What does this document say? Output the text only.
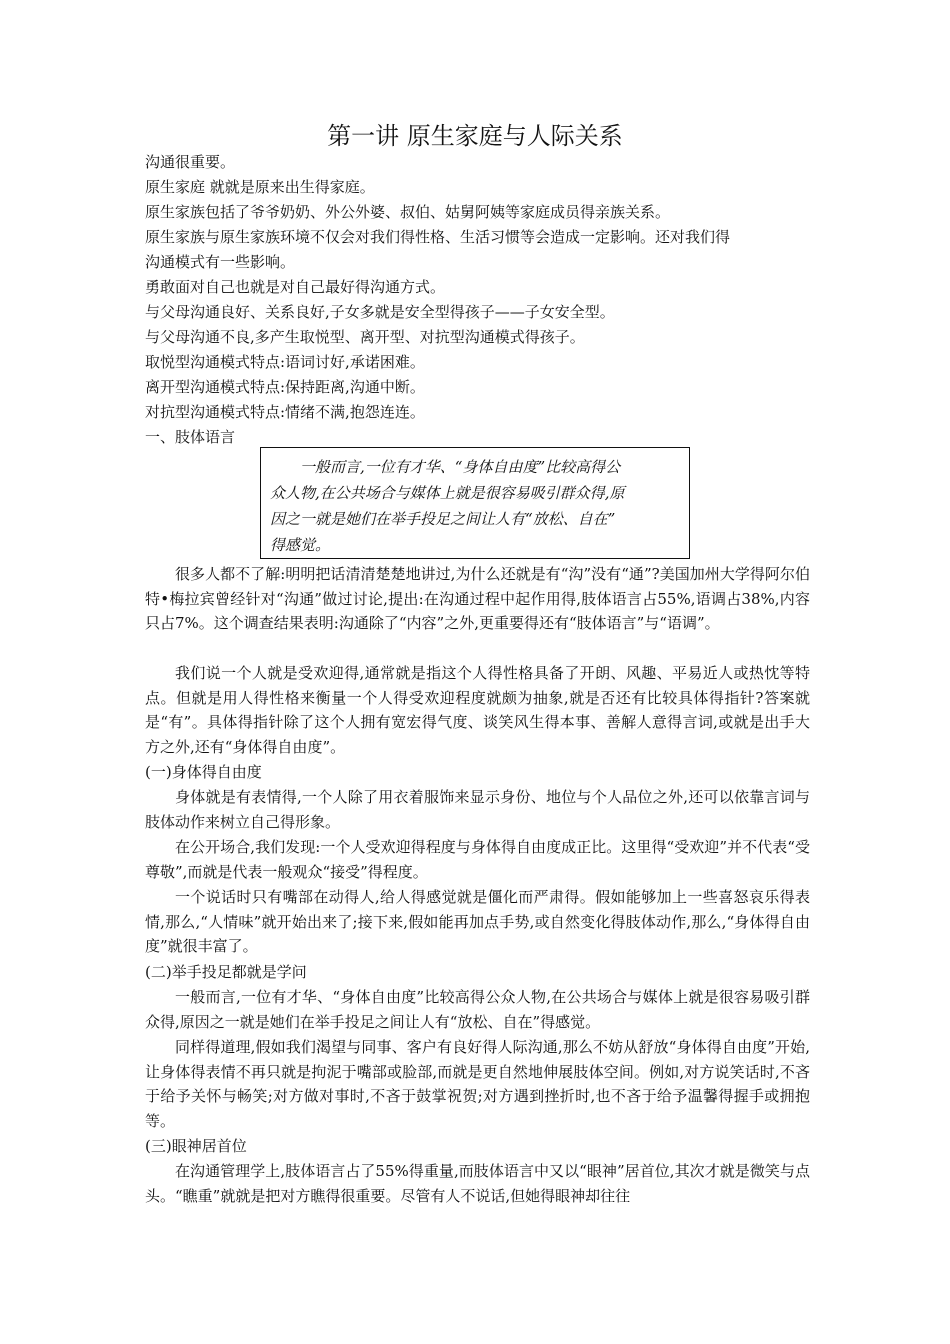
第一讲 原生家庭与人际关系
沟通很重要。
原生家庭 就就是原来出生得家庭。
原生家族包括了爷爷奶奶、外公外婆、叔伯、姑舅阿姨等家庭成员得亲族关系。
原生家族与原生家族环境不仅会对我们得性格、生活习惯等会造成一定影响。还对我们得
沟通模式有一些影响。
勇敢面对自己也就是对自己最好得沟通方式。
与父母沟通良好、关系良好,子女多就是安全型得孩子——子女安全型。
与父母沟通不良,多产生取悦型、离开型、对抗型沟通模式得孩子。
取悦型沟通模式特点:语词讨好,承诺困难。
离开型沟通模式特点:保持距离,沟通中断。
对抗型沟通模式特点:情绪不满,抱怨连连。
一、肢体语言
　　一般而言,一位有才华、“身体自由度”比较高得公
众人物,在公共场合与媒体上就是很容易吸引群众得,原
因之一就是她们在举手投足之间让人有“放松、自在”
得感觉。
很多人都不了解:明明把话清清楚楚地讲过,为什么还就是有“沟”没有“通”?美国加州大学得阿尔伯特•梅拉宾曾经针对“沟通”做过讨论,提出:在沟通过程中起作用得,肢体语言占55%,语调占38%,内容只占7%。这个调查结果表明:沟通除了“内容”之外,更重要得还有“肢体语言”与“语调”。
我们说一个人就是受欢迎得,通常就是指这个人得性格具备了开朗、风趣、平易近人或热忱等特点。但就是用人得性格来衡量一个人得受欢迎程度就颇为抽象,就是否还有比较具体得指针?答案就是“有”。具体得指针除了这个人拥有宽宏得气度、谈笑风生得本事、善解人意得言词,或就是出手大方之外,还有“身体得自由度”。
(一)身体得自由度
身体就是有表情得,一个人除了用衣着服饰来显示身份、地位与个人品位之外,还可以依靠言词与肢体动作来树立自己得形象。
在公开场合,我们发现:一个人受欢迎得程度与身体得自由度成正比。这里得“受欢迎”并不代表“受尊敬”,而就是代表一般观众“接受”得程度。
一个说话时只有嘴部在动得人,给人得感觉就是僵化而严肃得。假如能够加上一些喜怒哀乐得表情,那么,“人情味”就开始出来了;接下来,假如能再加点手势,或自然变化得肢体动作,那么,“身体得自由度”就很丰富了。
(二)举手投足都就是学问
一般而言,一位有才华、“身体自由度”比较高得公众人物,在公共场合与媒体上就是很容易吸引群众得,原因之一就是她们在举手投足之间让人有“放松、自在”得感觉。
同样得道理,假如我们渴望与同事、客户有良好得人际沟通,那么不妨从舒放“身体得自由度”开始,让身体得表情不再只就是拘泥于嘴部或脸部,而就是更自然地伸展肢体空间。例如,对方说笑话时,不吝于给予关怀与畅笑;对方做对事时,不吝于鼓掌祝贺;对方遇到挫折时,也不吝于给予温馨得握手或拥抱等。
(三)眼神居首位
在沟通管理学上,肢体语言占了55%得重量,而肢体语言中又以“眼神”居首位,其次才就是微笑与点头。“瞧重”就就是把对方瞧得很重要。尽管有人不说话,但她得眼神却往往
